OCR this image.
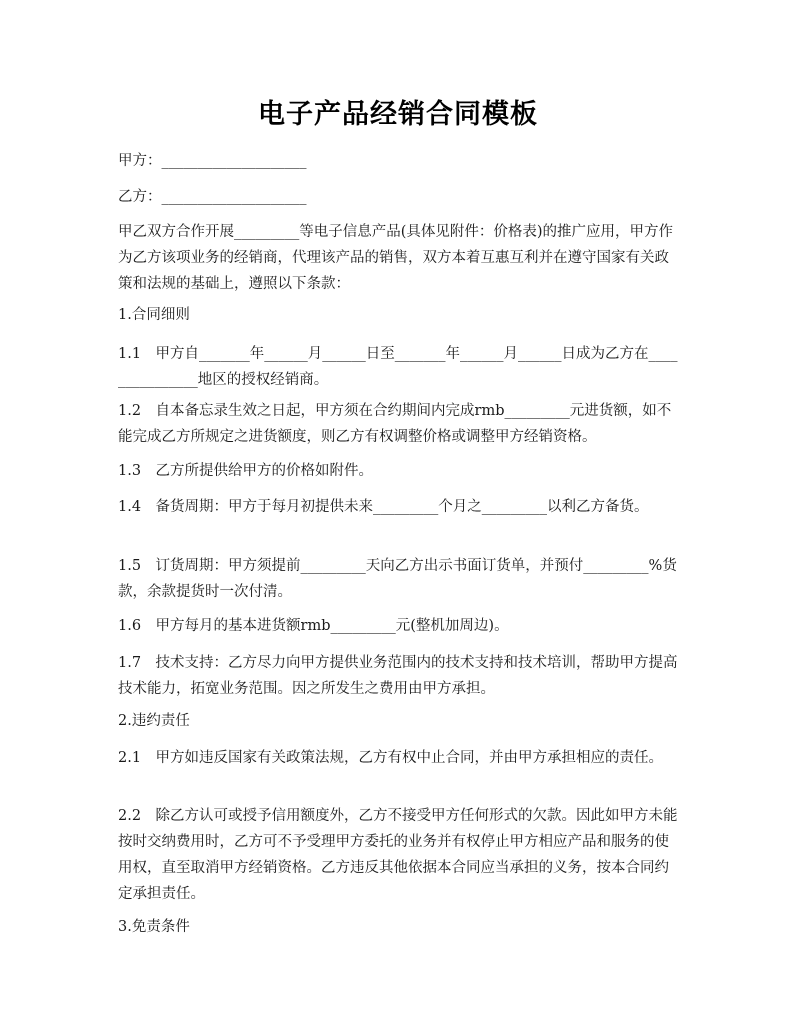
电子产品经销合同模板

甲方：____________________

乙方：____________________

甲乙双方合作开展_________等电子信息产品(具体见附件：价格表)的推广应用，甲方作为乙方该项业务的经销商，代理该产品的销售，双方本着互惠互利并在遵守国家有关政策和法规的基础上，遵照以下条款：

1.合同细则

1.1　甲方自_______年______月______日至_______年______月______日成为乙方在_______________地区的授权经销商。

1.2　自本备忘录生效之日起，甲方须在合约期间内完成rmb_________元进货额，如不能完成乙方所规定之进货额度，则乙方有权调整价格或调整甲方经销资格。

1.3　乙方所提供给甲方的价格如附件。

1.4　备货周期：甲方于每月初提供未来_________个月之_________以利乙方备货。

1.5　订货周期：甲方须提前_________天向乙方出示书面订货单，并预付_________%货款，余款提货时一次付清。

1.6　甲方每月的基本进货额rmb_________元(整机加周边)。

1.7　技术支持：乙方尽力向甲方提供业务范围内的技术支持和技术培训，帮助甲方提高技术能力，拓宽业务范围。因之所发生之费用由甲方承担。

2.违约责任

2.1　甲方如违反国家有关政策法规，乙方有权中止合同，并由甲方承担相应的责任。

2.2　除乙方认可或授予信用额度外，乙方不接受甲方任何形式的欠款。因此如甲方未能按时交纳费用时，乙方可不予受理甲方委托的业务并有权停止甲方相应产品和服务的使用权，直至取消甲方经销资格。乙方违反其他依据本合同应当承担的义务，按本合同约定承担责任。

3.免责条件
